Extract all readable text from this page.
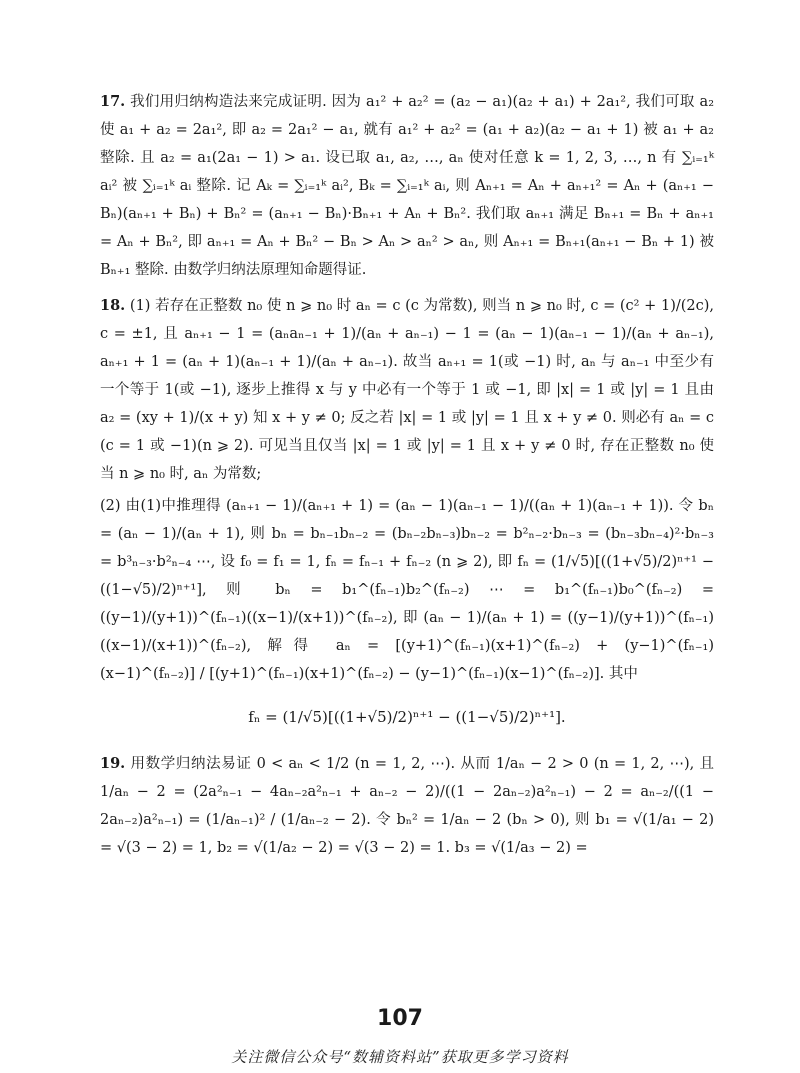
17. 我们用归纳构造法来完成证明. 因为 a₁² + a₂² = (a₂ − a₁)(a₂ + a₁) + 2a₁², 我们可取 a₂ 使 a₁ + a₂ = 2a₁², 即 a₂ = 2a₁² − a₁, 就有 a₁² + a₂² = (a₁ + a₂)(a₂ − a₁ + 1) 被 a₁ + a₂ 整除. 且 a₂ = a₁(2a₁ − 1) > a₁. 设已取 a₁, a₂, …, aₙ 使对任意 k = 1, 2, 3, …, n 有 ∑ᵢ₌₁ᵏ aᵢ² 被 ∑ᵢ₌₁ᵏ aᵢ 整除. 记 Aₖ = ∑ᵢ₌₁ᵏ aᵢ², Bₖ = ∑ᵢ₌₁ᵏ aᵢ, 则 Aₙ₊₁ = Aₙ + aₙ₊₁² = Aₙ + (aₙ₊₁ − Bₙ)(aₙ₊₁ + Bₙ) + Bₙ² = (aₙ₊₁ − Bₙ)·Bₙ₊₁ + Aₙ + Bₙ². 我们取 aₙ₊₁ 满足 Bₙ₊₁ = Bₙ + aₙ₊₁ = Aₙ + Bₙ², 即 aₙ₊₁ = Aₙ + Bₙ² − Bₙ > Aₙ > aₙ² > aₙ, 则 Aₙ₊₁ = Bₙ₊₁(aₙ₊₁ − Bₙ + 1) 被 Bₙ₊₁ 整除. 由数学归纳法原理知命题得证.

18. (1) 若存在正整数 n₀ 使 n ⩾ n₀ 时 aₙ = c (c 为常数), 则当 n ⩾ n₀ 时, c = (c² + 1)/(2c), c = ±1, 且 aₙ₊₁ − 1 = (aₙaₙ₋₁ + 1)/(aₙ + aₙ₋₁) − 1 = (aₙ − 1)(aₙ₋₁ − 1)/(aₙ + aₙ₋₁), aₙ₊₁ + 1 = (aₙ + 1)(aₙ₋₁ + 1)/(aₙ + aₙ₋₁). 故当 aₙ₊₁ = 1(或 −1) 时, aₙ 与 aₙ₋₁ 中至少有一个等于 1(或 −1), 逐步上推得 x 与 y 中必有一个等于 1 或 −1, 即 |x| = 1 或 |y| = 1 且由 a₂ = (xy + 1)/(x + y) 知 x + y ≠ 0; 反之若 |x| = 1 或 |y| = 1 且 x + y ≠ 0. 则必有 aₙ = c (c = 1 或 −1)(n ⩾ 2). 可见当且仅当 |x| = 1 或 |y| = 1 且 x + y ≠ 0 时, 存在正整数 n₀ 使当 n ⩾ n₀ 时, aₙ 为常数;

(2) 由(1)中推理得 (aₙ₊₁ − 1)/(aₙ₊₁ + 1) = (aₙ − 1)(aₙ₋₁ − 1)/((aₙ + 1)(aₙ₋₁ + 1)). 令 bₙ = (aₙ − 1)/(aₙ + 1), 则 bₙ = bₙ₋₁bₙ₋₂ = (bₙ₋₂bₙ₋₃)bₙ₋₂ = b²ₙ₋₂·bₙ₋₃ = (bₙ₋₃bₙ₋₄)²·bₙ₋₃ = b³ₙ₋₃·b²ₙ₋₄ ⋯, 设 f₀ = f₁ = 1, fₙ = fₙ₋₁ + fₙ₋₂ (n ⩾ 2), 即 fₙ = (1/√5)[((1+√5)/2)ⁿ⁺¹ − ((1−√5)/2)ⁿ⁺¹], 则 bₙ = b₁^(fₙ₋₁)b₂^(fₙ₋₂) ⋯ = b₁^(fₙ₋₁)b₀^(fₙ₋₂) = ((y−1)/(y+1))^(fₙ₋₁)((x−1)/(x+1))^(fₙ₋₂), 即 (aₙ − 1)/(aₙ + 1) = ((y−1)/(y+1))^(fₙ₋₁)((x−1)/(x+1))^(fₙ₋₂), 解得 aₙ = [(y+1)^(fₙ₋₁)(x+1)^(fₙ₋₂) + (y−1)^(fₙ₋₁)(x−1)^(fₙ₋₂)] / [(y+1)^(fₙ₋₁)(x+1)^(fₙ₋₂) − (y−1)^(fₙ₋₁)(x−1)^(fₙ₋₂)]. 其中

fₙ = (1/√5)[((1+√5)/2)ⁿ⁺¹ − ((1−√5)/2)ⁿ⁺¹].

19. 用数学归纳法易证 0 < aₙ < 1/2 (n = 1, 2, ⋯). 从而 1/aₙ − 2 > 0 (n = 1, 2, ⋯), 且 1/aₙ − 2 = (2a²ₙ₋₁ − 4aₙ₋₂a²ₙ₋₁ + aₙ₋₂ − 2)/((1 − 2aₙ₋₂)a²ₙ₋₁) − 2 = aₙ₋₂/((1 − 2aₙ₋₂)a²ₙ₋₁) = (1/aₙ₋₁)² / (1/aₙ₋₂ − 2). 令 bₙ² = 1/aₙ − 2 (bₙ > 0), 则 b₁ = √(1/a₁ − 2) = √(3 − 2) = 1, b₂ = √(1/a₂ − 2) = √(3 − 2) = 1. b₃ = √(1/a₃ − 2) =

107
关注微信公众号“数辅资料站”获取更多学习资料
